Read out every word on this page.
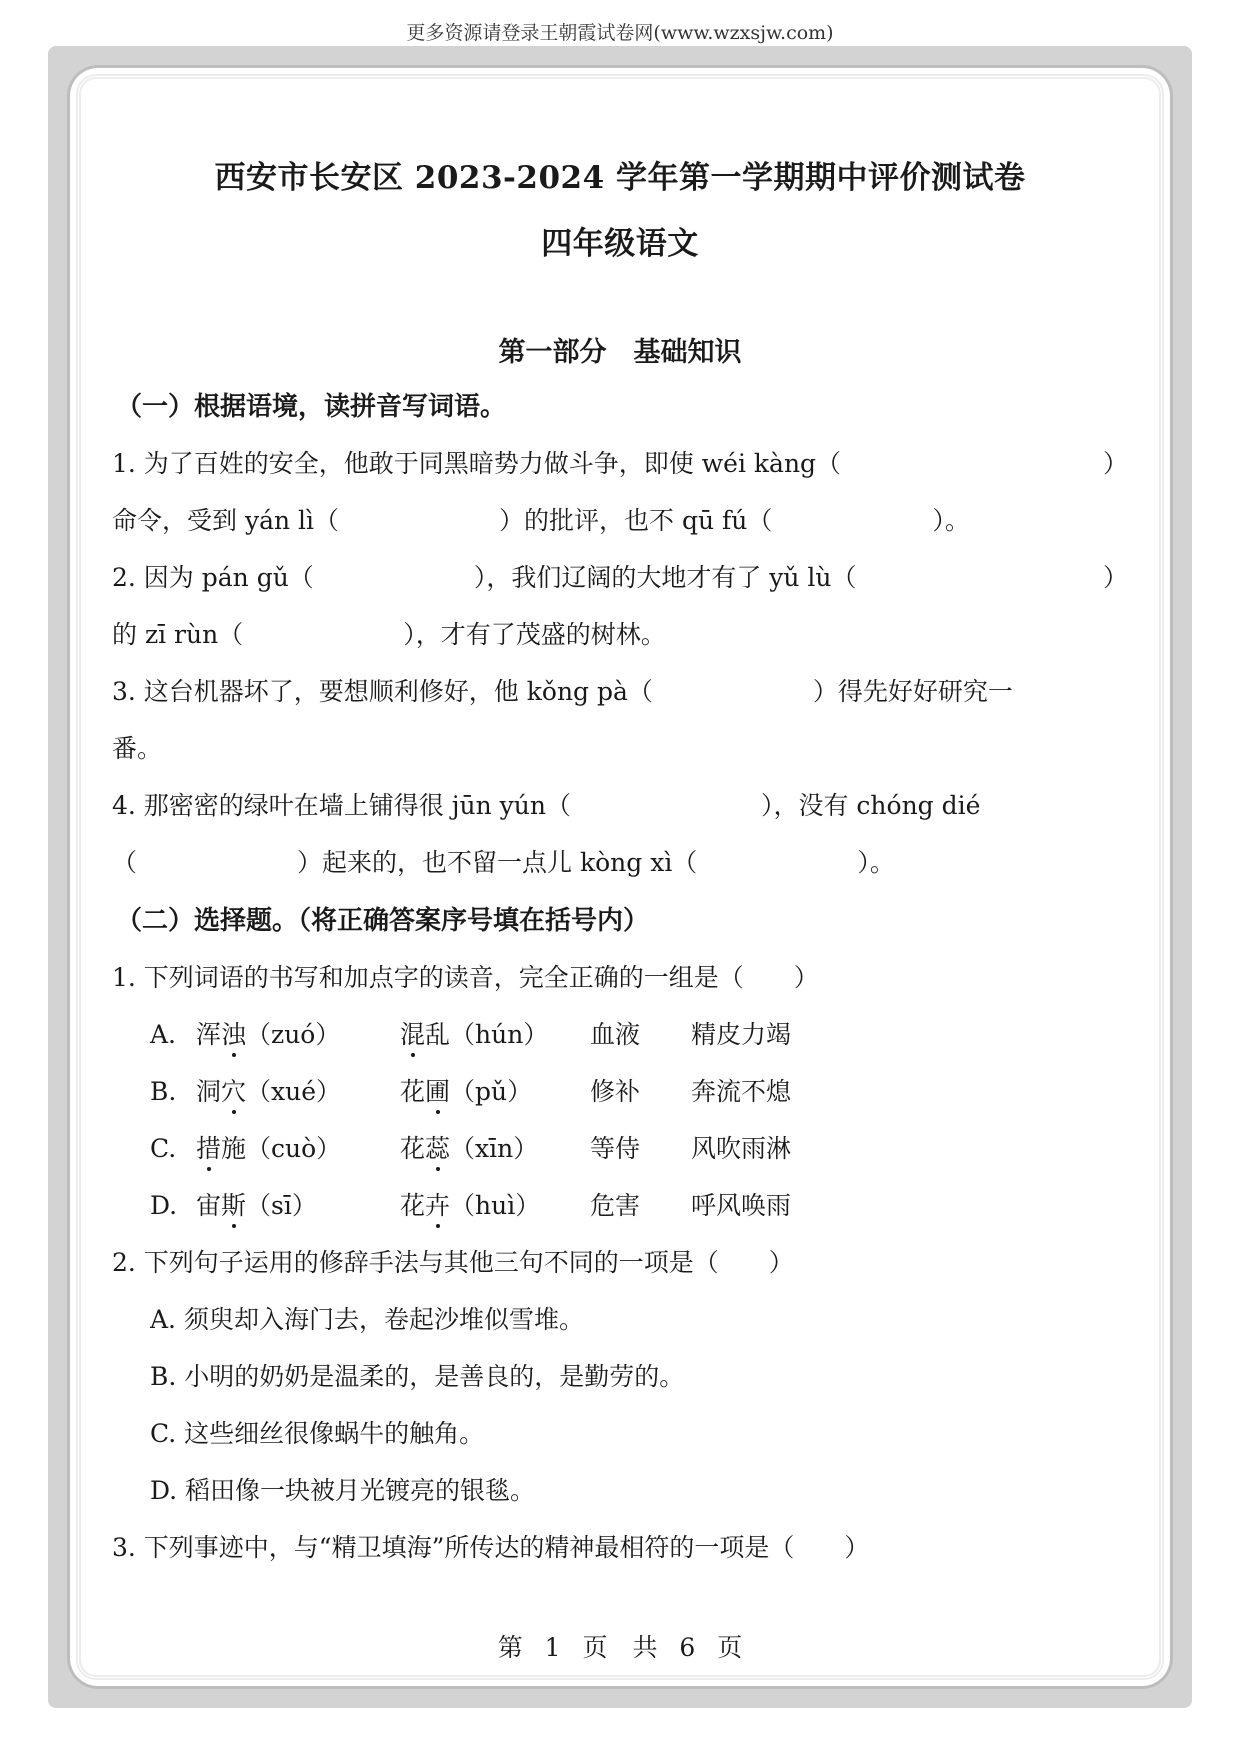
更多资源请登录王朝霞试卷网(www.wzxsjw.com)
西安市长安区 2023-2024 学年第一学期期中评价测试卷
四年级语文
第一部分　基础知识
（一）根据语境，读拼音写词语。
1. 为了百姓的安全，他敢于同黑暗势力做斗争，即使 wéi kàng（	）
命令，受到 yán lì（	）的批评，也不 qū fú（	）。
2. 因为 pán gǔ（	），我们辽阔的大地才有了 yǔ lù（	）
的 zī rùn（	），才有了茂盛的树林。
3. 这台机器坏了，要想顺利修好，他 kǒng pà（	）得先好好研究一
番。
4. 那密密的绿叶在墙上铺得很 jūn yún（	），没有 chóng dié
（	）起来的，也不留一点儿 kòng xì（	）。
（二）选择题。（将正确答案序号填在括号内）
1. 下列词语的书写和加点字的读音，完全正确的一组是（　　）
A. 浑浊（zuó） 混乱（hún） 血液 精皮力竭
B. 洞穴（xué） 花圃（pǔ） 修补 奔流不熄
C. 措施（cuò） 花蕊（xīn） 等侍 风吹雨淋
D. 宙斯（sī）	花卉（huì） 危害 呼风唤雨
2. 下列句子运用的修辞手法与其他三句不同的一项是（　　）
A. 须臾却入海门去，卷起沙堆似雪堆。
B. 小明的奶奶是温柔的，是善良的，是勤劳的。
C. 这些细丝很像蜗牛的触角。
D. 稻田像一块被月光镀亮的银毯。
3. 下列事迹中，与“精卫填海”所传达的精神最相符的一项是（　　）
第 1 页　共 6 页
